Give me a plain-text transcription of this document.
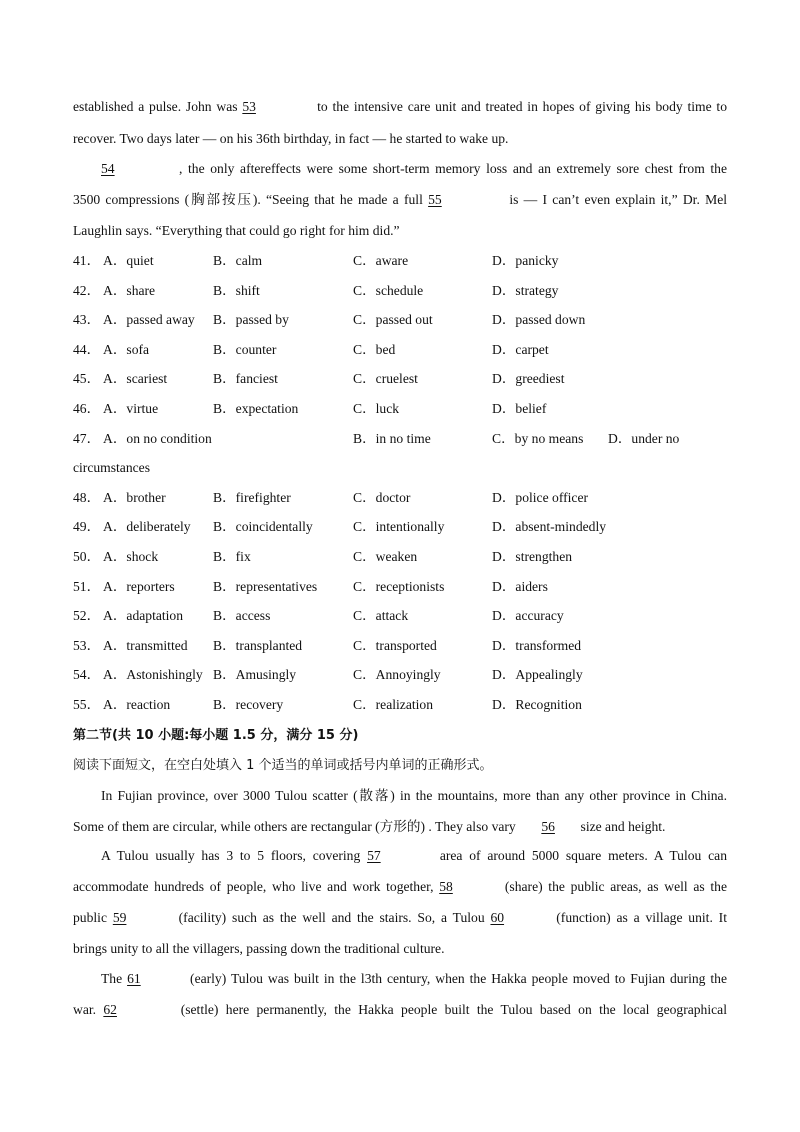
established a pulse. John was 53	to the intensive care unit and treated in hopes of giving his body time to
recover. Two days later — on his 36th birthday, in fact — he started to wake up.
54	, the only aftereffects were some short-term memory loss and an extremely sore chest from the
3500 compressions (胸部按压). “Seeing that he made a full 55	is — I can’t even explain it,” Dr. Mel
Laughlin says. “Everything that could go right for him did.”
41． A．quiet	B．calm	C．aware	D．panicky
42． A．share	B．shift	C．schedule	D．strategy
43． A．passed away B．passed by	C．passed out	D．passed down
44． A．sofa	B．counter	C．bed	D．carpet
45． A．scariest	B．fanciest	C．cruelest	D．greediest
46． A．virtue	B．expectation	C．luck	D．belief
47． A．on no condition	B．in no time	C．by no means D．under no
circumstances
48． A．brother	B．firefighter	C．doctor	D．police officer
49． A．deliberately B．coincidentally	C．intentionally	D．absent-mindedly
50． A．shock	B．fix	C．weaken	D．strengthen
51． A．reporters	B．representatives	C．receptionists	D．aiders
52． A．adaptation B．access	C．attack	D．accuracy
53． A．transmitted B．transplanted	C．transported	D．transformed
54． A．Astonishingly B．Amusingly	C．Annoyingly	D．Appealingly
55． A．reaction	B．recovery	C．realization	D．Recognition
第二节(共 10 小题:每小题 1.5 分，满分 15 分)
阅读下面短文，在空白处填入 1 个适当的单词或括号内单词的正确形式。
In Fujian province, over 3000 Tulou scatter (散落) in the mountains, more than any other province in China.
Some of them are circular, while others are rectangular (方形的) . They also vary 56 size and height.
A Tulou usually has 3 to 5 floors, covering 57	area of around 5000 square meters. A Tulou can
accommodate hundreds of people, who live and work together, 58	(share) the public areas, as well as the
public 59	(facility) such as the well and the stairs. So, a Tulou 60	(function) as a village unit. It
brings unity to all the villagers, passing down the traditional culture.
The 61	(early) Tulou was built in the l3th century, when the Hakka people moved to Fujian during the
war. 62	(settle) here permanently, the Hakka people built the Tulou based on the local geographical
